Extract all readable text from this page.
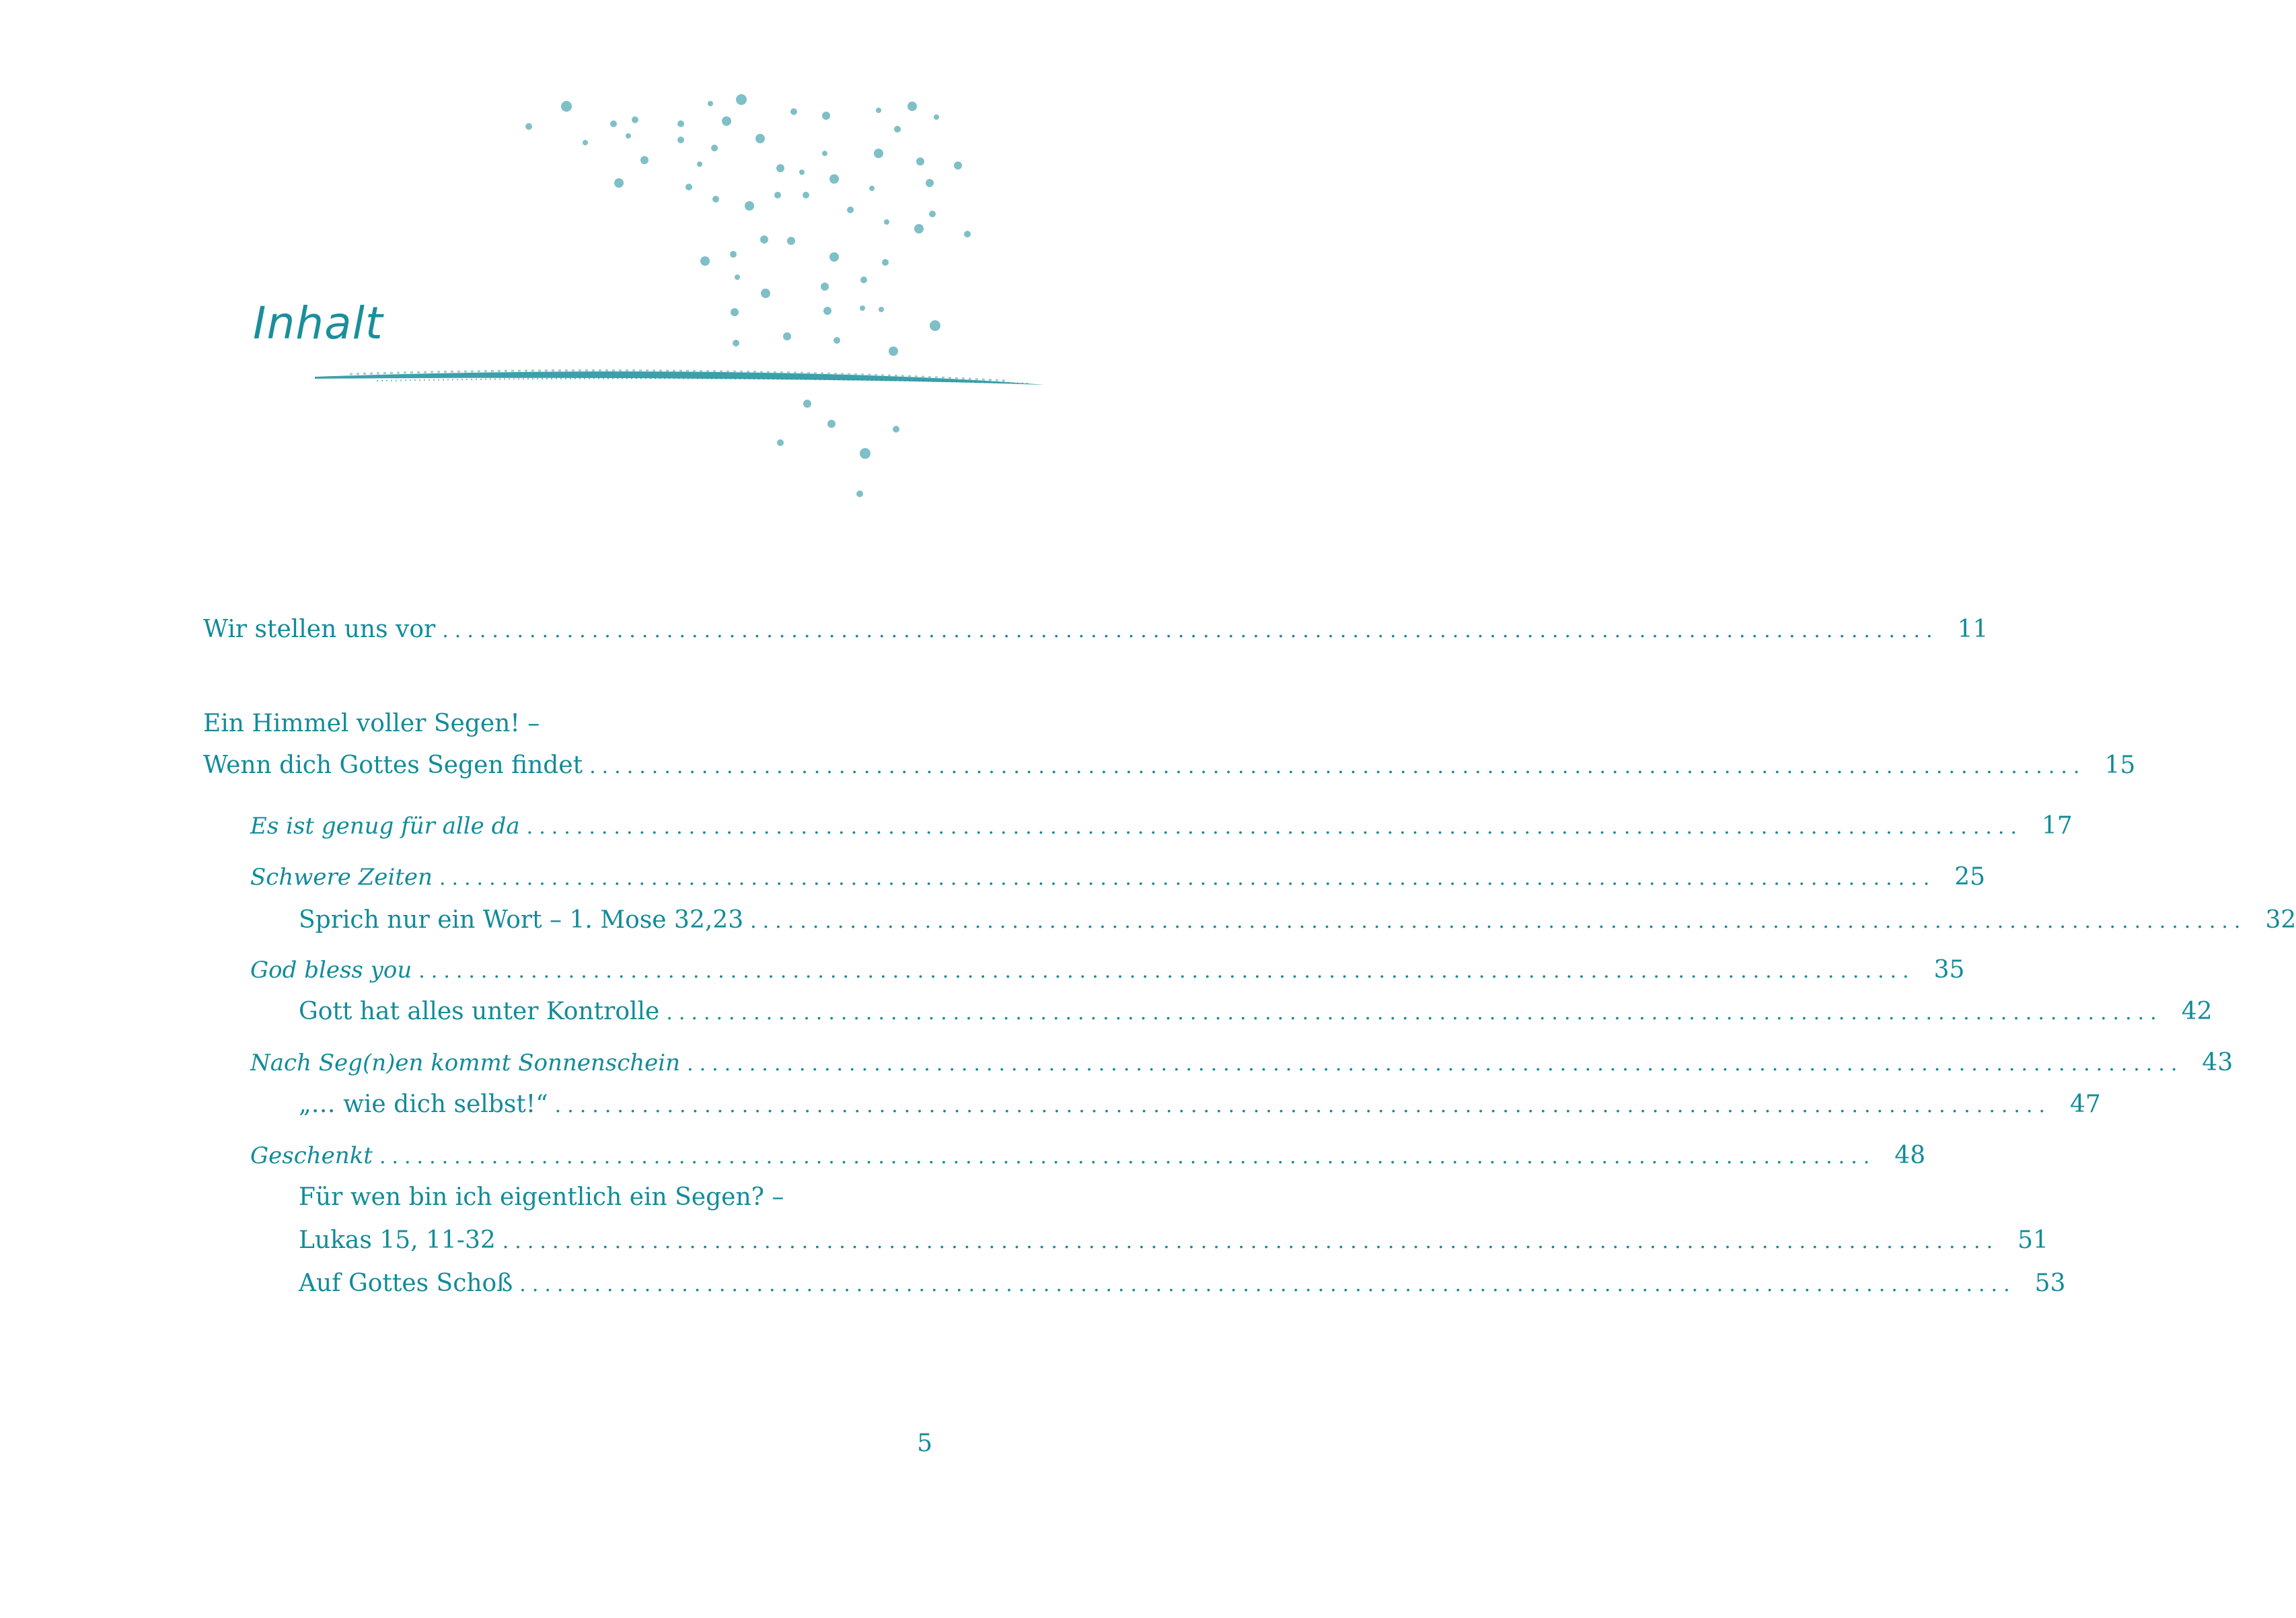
Inhalt
Wir stellen uns vor ........................................................................................................................ 11
Ein Himmel voller Segen! –
Wenn dich Gottes Segen findet ........................................................................................................................ 15
Es ist genug für alle da ........................................................................................................................ 17
Schwere Zeiten ........................................................................................................................ 25
Sprich nur ein Wort – 1. Mose 32,23 ........................................................................................................................ 32
God bless you ........................................................................................................................ 35
Gott hat alles unter Kontrolle ........................................................................................................................ 42
Nach Seg(n)en kommt Sonnenschein ........................................................................................................................ 43
„… wie dich selbst!“ ........................................................................................................................ 47
Geschenkt ........................................................................................................................ 48
Für wen bin ich eigentlich ein Segen? –
Lukas 15, 11-32 ........................................................................................................................ 51
Auf Gottes Schoß ........................................................................................................................ 53
5
